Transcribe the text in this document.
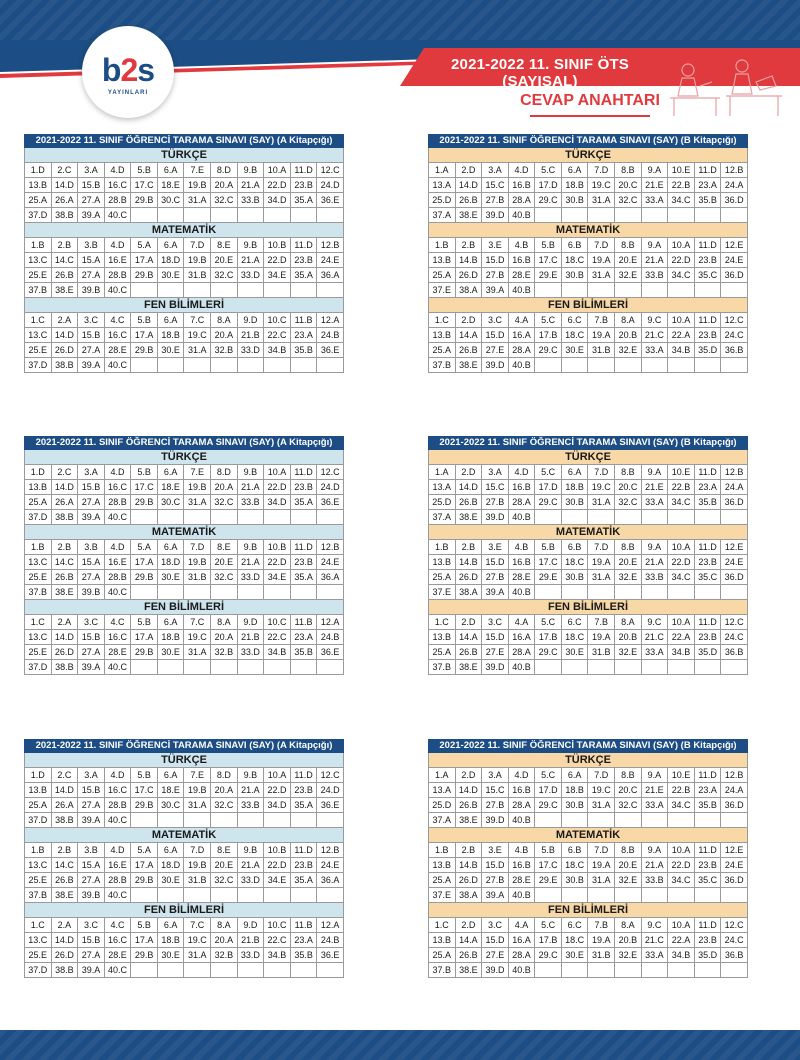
2021-2022 11. SINIF ÖTS (SAYISAL)
CEVAP ANAHTARI
b2s
YAYINLARI
2021-2022 11. SINIF ÖĞRENCİ TARAMA SINAVI (SAY) (A Kitapçığı)
TÜRKÇE
1.D	2.C	3.A	4.D	5.B	6.A	7.E	8.D	9.B	10.A	11.D	12.C
13.B	14.D	15.B	16.C	17.C	18.E	19.B	20.A	21.A	22.D	23.B	24.D
25.A	26.A	27.A	28.B	29.B	30.C	31.A	32.C	33.B	34.D	35.A	36.E
37.D	38.B	39.A	40.C								
MATEMATİK
1.B	2.B	3.B	4.D	5.A	6.A	7.D	8.E	9.B	10.B	11.D	12.B
13.C	14.C	15.A	16.E	17.A	18.D	19.B	20.E	21.A	22.D	23.B	24.E
25.E	26.B	27.A	28.B	29.B	30.E	31.B	32.C	33.D	34.E	35.A	36.A
37.B	38.E	39.B	40.C								
FEN BİLİMLERİ
1.C	2.A	3.C	4.C	5.B	6.A	7.C	8.A	9.D	10.C	11.B	12.A
13.C	14.D	15.B	16.C	17.A	18.B	19.C	20.A	21.B	22.C	23.A	24.B
25.E	26.D	27.A	28.E	29.B	30.E	31.A	32.B	33.D	34.B	35.B	36.E
37.D	38.B	39.A	40.C								
2021-2022 11. SINIF ÖĞRENCİ TARAMA SINAVI (SAY) (B Kitapçığı)
TÜRKÇE
1.A	2.D	3.A	4.D	5.C	6.A	7.D	8.B	9.A	10.E	11.D	12.B
13.A	14.D	15.C	16.B	17.D	18.B	19.C	20.C	21.E	22.B	23.A	24.A
25.D	26.B	27.B	28.A	29.C	30.B	31.A	32.C	33.A	34.C	35.B	36.D
37.A	38.E	39.D	40.B								
MATEMATİK
1.B	2.B	3.E	4.B	5.B	6.B	7.D	8.B	9.A	10.A	11.D	12.E
13.B	14.B	15.D	16.B	17.C	18.C	19.A	20.E	21.A	22.D	23.B	24.E
25.A	26.D	27.B	28.E	29.E	30.B	31.A	32.E	33.B	34.C	35.C	36.D
37.E	38.A	39.A	40.B								
FEN BİLİMLERİ
1.C	2.D	3.C	4.A	5.C	6.C	7.B	8.A	9.C	10.A	11.D	12.C
13.B	14.A	15.D	16.A	17.B	18.C	19.A	20.B	21.C	22.A	23.B	24.C
25.A	26.B	27.E	28.A	29.C	30.E	31.B	32.E	33.A	34.B	35.D	36.B
37.B	38.E	39.D	40.B								
2021-2022 11. SINIF ÖĞRENCİ TARAMA SINAVI (SAY) (A Kitapçığı)
TÜRKÇE
1.D	2.C	3.A	4.D	5.B	6.A	7.E	8.D	9.B	10.A	11.D	12.C
13.B	14.D	15.B	16.C	17.C	18.E	19.B	20.A	21.A	22.D	23.B	24.D
25.A	26.A	27.A	28.B	29.B	30.C	31.A	32.C	33.B	34.D	35.A	36.E
37.D	38.B	39.A	40.C								
MATEMATİK
1.B	2.B	3.B	4.D	5.A	6.A	7.D	8.E	9.B	10.B	11.D	12.B
13.C	14.C	15.A	16.E	17.A	18.D	19.B	20.E	21.A	22.D	23.B	24.E
25.E	26.B	27.A	28.B	29.B	30.E	31.B	32.C	33.D	34.E	35.A	36.A
37.B	38.E	39.B	40.C								
FEN BİLİMLERİ
1.C	2.A	3.C	4.C	5.B	6.A	7.C	8.A	9.D	10.C	11.B	12.A
13.C	14.D	15.B	16.C	17.A	18.B	19.C	20.A	21.B	22.C	23.A	24.B
25.E	26.D	27.A	28.E	29.B	30.E	31.A	32.B	33.D	34.B	35.B	36.E
37.D	38.B	39.A	40.C								
2021-2022 11. SINIF ÖĞRENCİ TARAMA SINAVI (SAY) (B Kitapçığı)
TÜRKÇE
1.A	2.D	3.A	4.D	5.C	6.A	7.D	8.B	9.A	10.E	11.D	12.B
13.A	14.D	15.C	16.B	17.D	18.B	19.C	20.C	21.E	22.B	23.A	24.A
25.D	26.B	27.B	28.A	29.C	30.B	31.A	32.C	33.A	34.C	35.B	36.D
37.A	38.E	39.D	40.B								
MATEMATİK
1.B	2.B	3.E	4.B	5.B	6.B	7.D	8.B	9.A	10.A	11.D	12.E
13.B	14.B	15.D	16.B	17.C	18.C	19.A	20.E	21.A	22.D	23.B	24.E
25.A	26.D	27.B	28.E	29.E	30.B	31.A	32.E	33.B	34.C	35.C	36.D
37.E	38.A	39.A	40.B								
FEN BİLİMLERİ
1.C	2.D	3.C	4.A	5.C	6.C	7.B	8.A	9.C	10.A	11.D	12.C
13.B	14.A	15.D	16.A	17.B	18.C	19.A	20.B	21.C	22.A	23.B	24.C
25.A	26.B	27.E	28.A	29.C	30.E	31.B	32.E	33.A	34.B	35.D	36.B
37.B	38.E	39.D	40.B								
2021-2022 11. SINIF ÖĞRENCİ TARAMA SINAVI (SAY) (A Kitapçığı)
TÜRKÇE
1.D	2.C	3.A	4.D	5.B	6.A	7.E	8.D	9.B	10.A	11.D	12.C
13.B	14.D	15.B	16.C	17.C	18.E	19.B	20.A	21.A	22.D	23.B	24.D
25.A	26.A	27.A	28.B	29.B	30.C	31.A	32.C	33.B	34.D	35.A	36.E
37.D	38.B	39.A	40.C								
MATEMATİK
1.B	2.B	3.B	4.D	5.A	6.A	7.D	8.E	9.B	10.B	11.D	12.B
13.C	14.C	15.A	16.E	17.A	18.D	19.B	20.E	21.A	22.D	23.B	24.E
25.E	26.B	27.A	28.B	29.B	30.E	31.B	32.C	33.D	34.E	35.A	36.A
37.B	38.E	39.B	40.C								
FEN BİLİMLERİ
1.C	2.A	3.C	4.C	5.B	6.A	7.C	8.A	9.D	10.C	11.B	12.A
13.C	14.D	15.B	16.C	17.A	18.B	19.C	20.A	21.B	22.C	23.A	24.B
25.E	26.D	27.A	28.E	29.B	30.E	31.A	32.B	33.D	34.B	35.B	36.E
37.D	38.B	39.A	40.C								
2021-2022 11. SINIF ÖĞRENCİ TARAMA SINAVI (SAY) (B Kitapçığı)
TÜRKÇE
1.A	2.D	3.A	4.D	5.C	6.A	7.D	8.B	9.A	10.E	11.D	12.B
13.A	14.D	15.C	16.B	17.D	18.B	19.C	20.C	21.E	22.B	23.A	24.A
25.D	26.B	27.B	28.A	29.C	30.B	31.A	32.C	33.A	34.C	35.B	36.D
37.A	38.E	39.D	40.B								
MATEMATİK
1.B	2.B	3.E	4.B	5.B	6.B	7.D	8.B	9.A	10.A	11.D	12.E
13.B	14.B	15.D	16.B	17.C	18.C	19.A	20.E	21.A	22.D	23.B	24.E
25.A	26.D	27.B	28.E	29.E	30.B	31.A	32.E	33.B	34.C	35.C	36.D
37.E	38.A	39.A	40.B								
FEN BİLİMLERİ
1.C	2.D	3.C	4.A	5.C	6.C	7.B	8.A	9.C	10.A	11.D	12.C
13.B	14.A	15.D	16.A	17.B	18.C	19.A	20.B	21.C	22.A	23.B	24.C
25.A	26.B	27.E	28.A	29.C	30.E	31.B	32.E	33.A	34.B	35.D	36.B
37.B	38.E	39.D	40.B								
